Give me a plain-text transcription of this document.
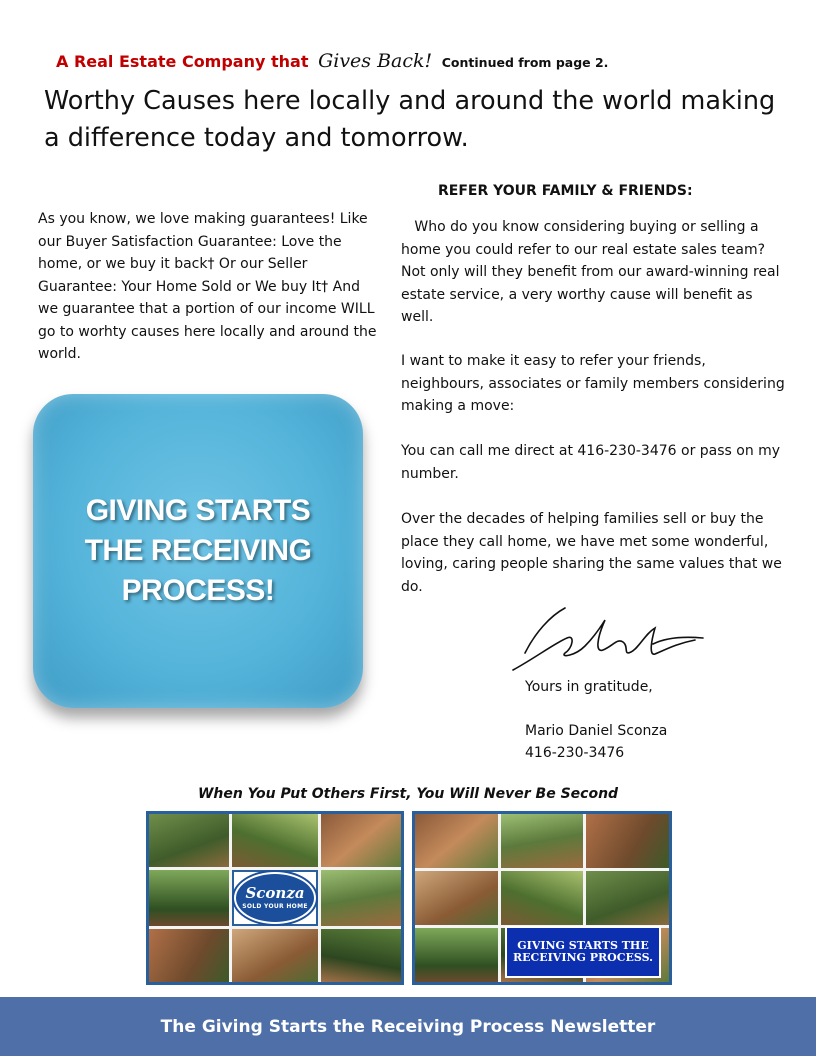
A Real Estate Company that Gives Back! Continued from page 2.
Worthy Causes here locally and around the world making a difference today and tomorrow.
As you know, we love making guarantees! Like our Buyer Satisfaction Guarantee: Love the home, or we buy it back† Or our Seller Guarantee: Your Home Sold or We buy It† And we guarantee that a portion of our income WILL go to worhty causes here locally and around the world.
GIVING STARTS THE RECEIVING PROCESS!
REFER YOUR FAMILY & FRIENDS:
Who do you know considering buying or selling a home you could refer to our real estate sales team? Not only will they benefit from our award-winning real estate service, a very worthy cause will benefit as well.
I want to make it easy to refer your friends, neighbours, associates or family members considering making a move:
You can call me direct at 416-230-3476 or pass on my number.
Over the decades of helping families sell or buy the place they call home, we have met some wonderful, loving, caring people sharing the same values that we do.
Yours in gratitude,
Mario Daniel Sconza
416-230-3476
When You Put Others First, You Will Never Be Second
Sconza
SOLD YOUR HOME
GIVING STARTS THE RECEIVING PROCESS.
The Giving Starts the Receiving Process Newsletter
